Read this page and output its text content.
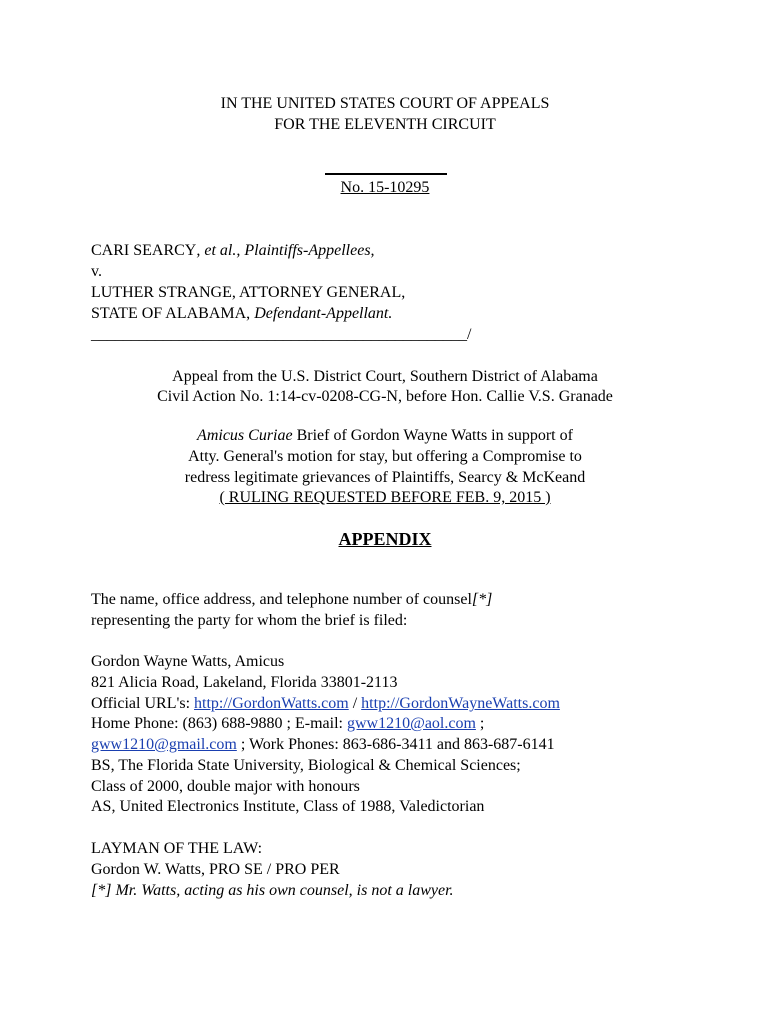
IN THE UNITED STATES COURT OF APPEALS
FOR THE ELEVENTH CIRCUIT
No. 15-10295
CARI SEARCY, et al., Plaintiffs-Appellees,
v.
LUTHER STRANGE, ATTORNEY GENERAL,
STATE OF ALABAMA, Defendant-Appellant.
_______________________________________________/
Appeal from the U.S. District Court, Southern District of Alabama
Civil Action No. 1:14-cv-0208-CG-N, before Hon. Callie V.S. Granade
Amicus Curiae Brief of Gordon Wayne Watts in support of
Atty. General's motion for stay, but offering a Compromise to
redress legitimate grievances of Plaintiffs, Searcy & McKeand
( RULING REQUESTED BEFORE FEB. 9, 2015 )
APPENDIX
The name, office address, and telephone number of counsel[*]
representing the party for whom the brief is filed:
Gordon Wayne Watts, Amicus
821 Alicia Road, Lakeland, Florida 33801-2113
Official URL's: http://GordonWatts.com / http://GordonWayneWatts.com
Home Phone: (863) 688-9880 ; E-mail: gww1210@aol.com ;
gww1210@gmail.com ; Work Phones: 863-686-3411 and 863-687-6141
BS, The Florida State University, Biological & Chemical Sciences;
Class of 2000, double major with honours
AS, United Electronics Institute, Class of 1988, Valedictorian
LAYMAN OF THE LAW:
Gordon W. Watts, PRO SE / PRO PER
[*] Mr. Watts, acting as his own counsel, is not a lawyer.
